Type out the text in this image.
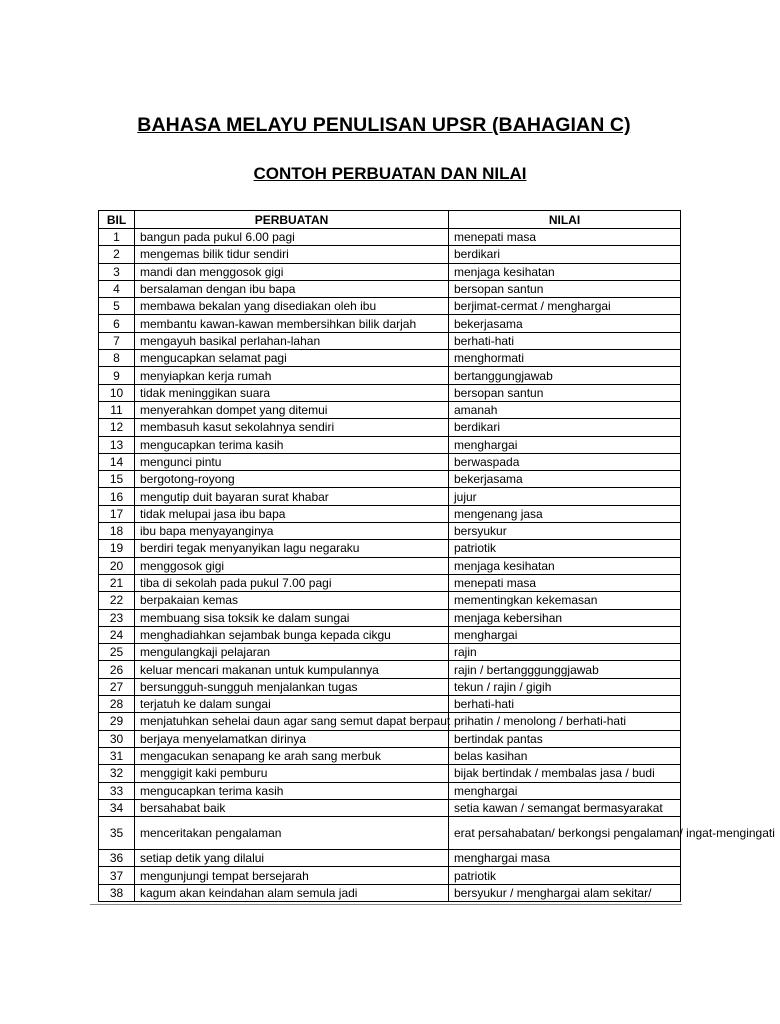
BAHASA MELAYU PENULISAN UPSR (BAHAGIAN C)
CONTOH PERBUATAN DAN NILAI
BIL	PERBUATAN	NILAI
1	bangun pada pukul 6.00 pagi	menepati masa
2	mengemas bilik tidur sendiri	berdikari
3	mandi dan menggosok gigi	menjaga kesihatan
4	bersalaman dengan ibu bapa	bersopan santun
5	membawa bekalan yang disediakan oleh ibu	berjimat-cermat / menghargai
6	membantu kawan-kawan membersihkan bilik darjah	bekerjasama
7	mengayuh basikal perlahan-lahan	berhati-hati
8	mengucapkan selamat pagi	menghormati
9	menyiapkan kerja rumah	bertanggungjawab
10	tidak meninggikan suara	bersopan santun
11	menyerahkan dompet yang ditemui	amanah
12	membasuh kasut sekolahnya sendiri	berdikari
13	mengucapkan terima kasih	menghargai
14	mengunci pintu	berwaspada
15	bergotong-royong	bekerjasama
16	mengutip duit bayaran surat khabar	jujur
17	tidak melupai jasa ibu bapa	mengenang jasa
18	ibu bapa menyayanginya	bersyukur
19	berdiri tegak menyanyikan lagu negaraku	patriotik
20	menggosok gigi	menjaga kesihatan
21	tiba di sekolah pada pukul 7.00 pagi	menepati masa
22	berpakaian kemas	mementingkan kekemasan
23	membuang sisa toksik ke dalam sungai	menjaga kebersihan
24	menghadiahkan sejambak bunga kepada cikgu	menghargai
25	mengulangkaji pelajaran	rajin
26	keluar mencari makanan untuk kumpulannya	rajin / bertangggunggjawab
27	bersungguh-sungguh menjalankan tugas	tekun / rajin / gigih
28	terjatuh ke dalam sungai	berhati-hati
29	menjatuhkan sehelai daun agar sang semut dapat berpaut	prihatin / menolong / berhati-hati
30	berjaya menyelamatkan dirinya	bertindak pantas
31	mengacukan senapang ke arah sang merbuk	belas kasihan
32	menggigit kaki pemburu	bijak bertindak / membalas jasa / budi
33	mengucapkan terima kasih	menghargai
34	bersahabat baik	setia kawan / semangat bermasyarakat
35	menceritakan pengalaman	erat persahabatan/ berkongsi pengalaman/ ingat-mengingati
36	setiap detik yang dilalui	menghargai masa
37	mengunjungi tempat bersejarah	patriotik
38	kagum akan keindahan alam semula jadi	bersyukur / menghargai alam sekitar/
